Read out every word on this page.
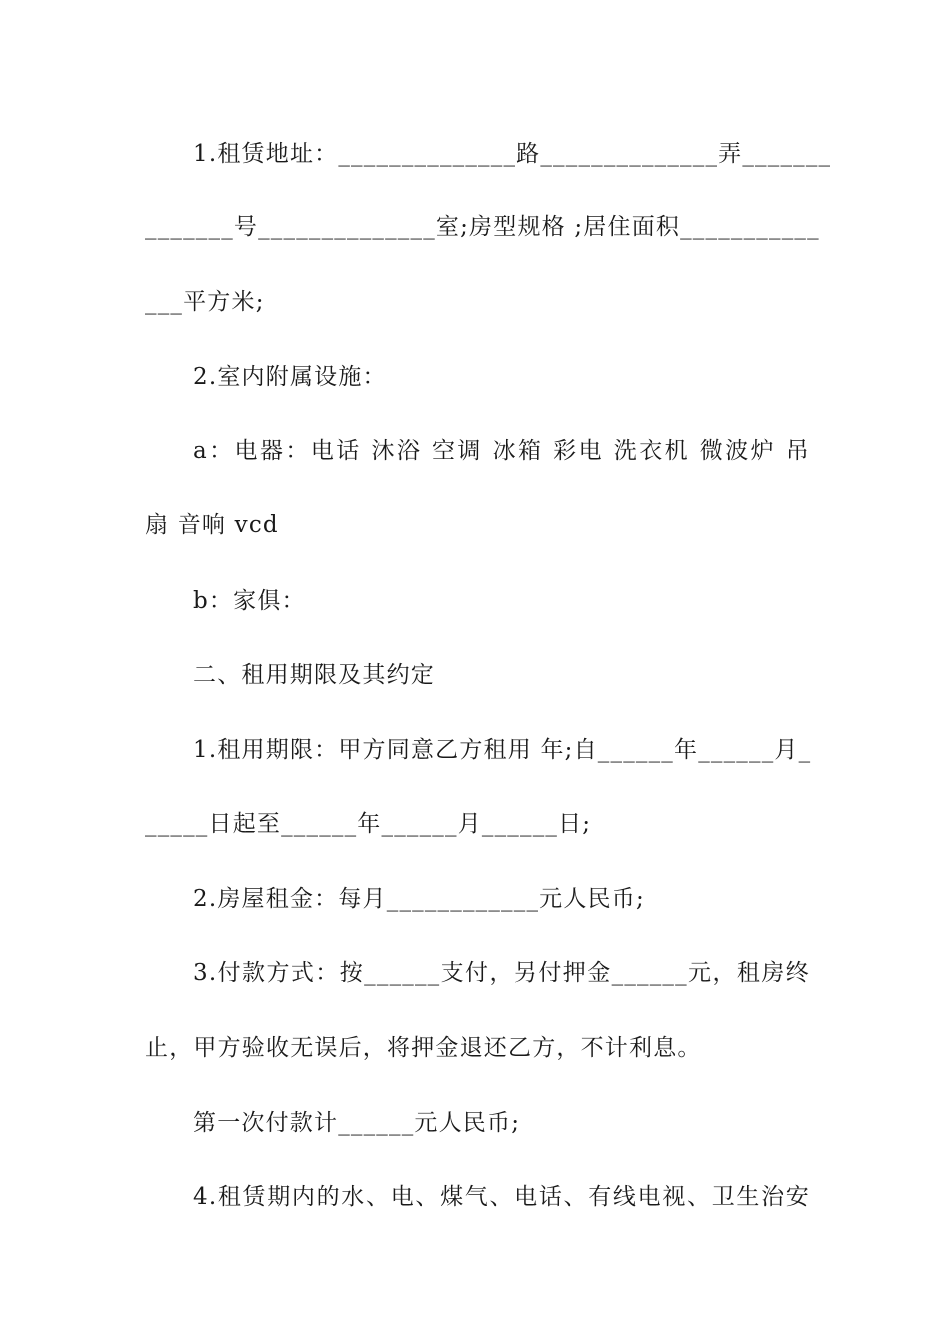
1.租赁地址：______________路______________弄_______
_______号______________室;房型规格 ;居住面积___________
___平方米;
2.室内附属设施：
a：电器：电话 沐浴 空调 冰箱 彩电 洗衣机 微波炉 吊
扇 音响 vcd
b：家俱：
二、租用期限及其约定
1.租用期限：甲方同意乙方租用 年;自______年______月_
_____日起至______年______月______日;
2.房屋租金：每月____________元人民币;
3.付款方式：按______支付，另付押金______元，租房终
止，甲方验收无误后，将押金退还乙方，不计利息。
第一次付款计______元人民币;
4.租赁期内的水、电、煤气、电话、有线电视、卫生治安
